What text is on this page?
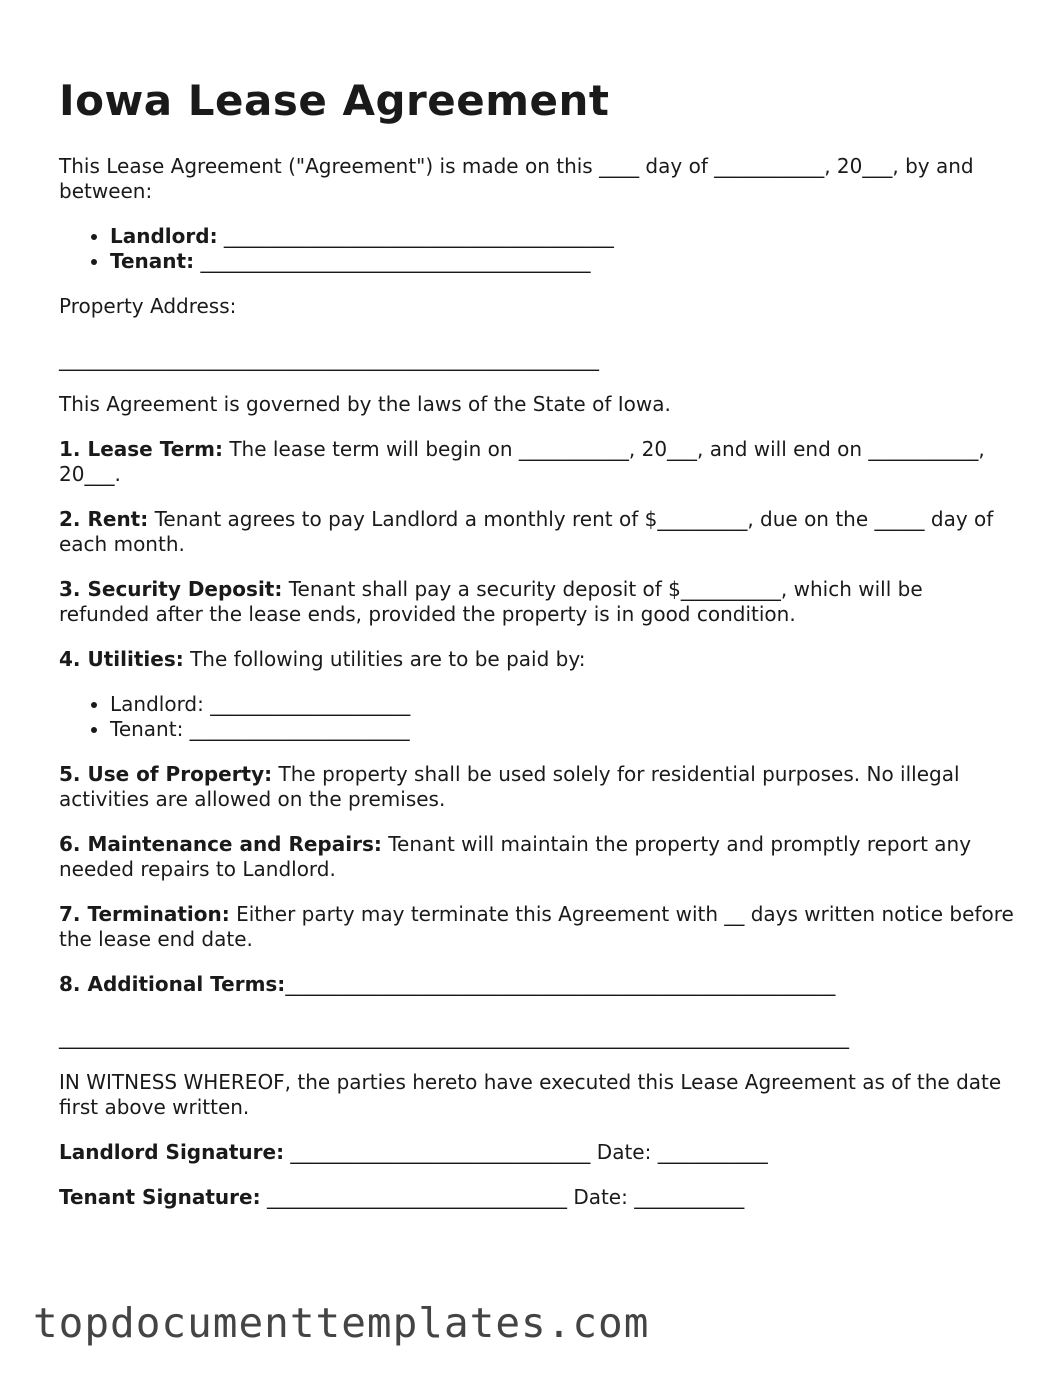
Iowa Lease Agreement

This Lease Agreement ("Agreement") is made on this ____ day of ___________, 20___, by and between:

• Landlord: _______________________________________
• Tenant: _______________________________________

Property Address:

______________________________________________________

This Agreement is governed by the laws of the State of Iowa.

1. Lease Term: The lease term will begin on ___________, 20___, and will end on ___________, 20___.

2. Rent: Tenant agrees to pay Landlord a monthly rent of $_________, due on the _____ day of each month.

3. Security Deposit: Tenant shall pay a security deposit of $__________, which will be refunded after the lease ends, provided the property is in good condition.

4. Utilities: The following utilities are to be paid by:

• Landlord: ____________________
• Tenant: ______________________

5. Use of Property: The property shall be used solely for residential purposes. No illegal activities are allowed on the premises.

6. Maintenance and Repairs: Tenant will maintain the property and promptly report any needed repairs to Landlord.

7. Termination: Either party may terminate this Agreement with __ days written notice before the lease end date.

8. Additional Terms:_______________________________________________________

_______________________________________________________________________________

IN WITNESS WHEREOF, the parties hereto have executed this Lease Agreement as of the date first above written.

Landlord Signature: ______________________________ Date: ___________

Tenant Signature: ______________________________ Date: ___________

topdocumenttemplates.com
